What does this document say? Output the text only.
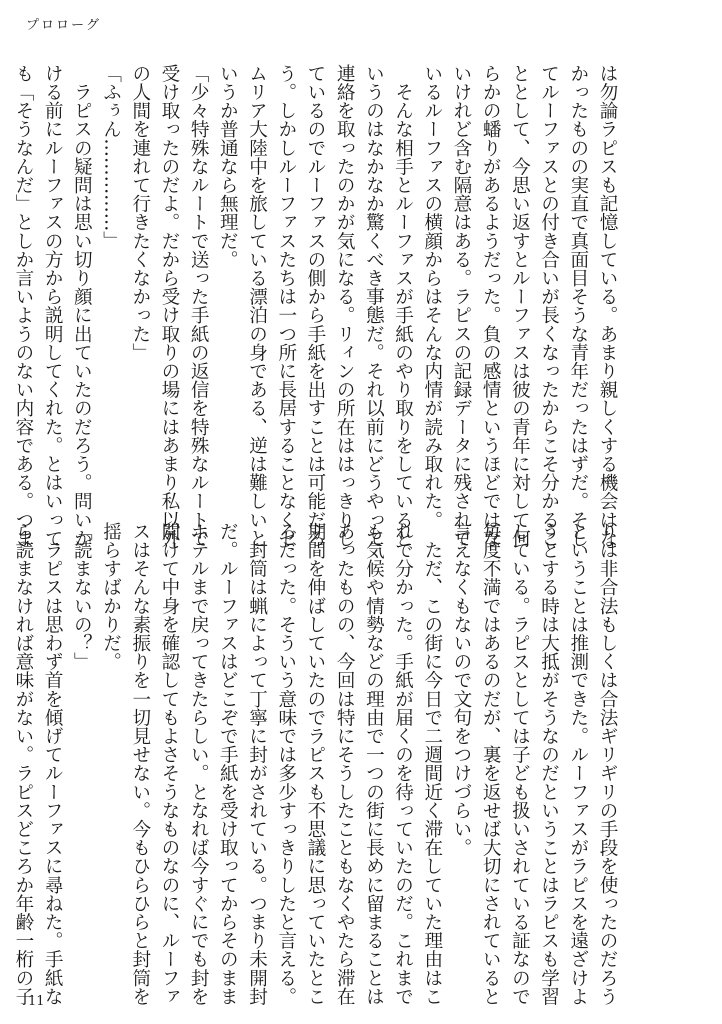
プロローグ
は勿論ラピスも記憶している。あまり親しくする機会はな
かったものの実直で真面目そうな青年だったはずだ。そし
てルーファスとの付き合いが長くなったからこそ分かるこ
ととして、今思い返すとルーファスは彼の青年に対して何
らかの蟠りがあるようだった。負の感情というほどではな
いけれど含む隔意はある。ラピスの記録データに残されて
いるルーファスの横顔からはそんな内情が読み取れた。
　そんな相手とルーファスが手紙のやり取りをしていると
いうのはなかなか驚くべき事態だ。それ以前にどうやって
連絡を取ったのかが気になる。リィンの所在ははっきりし
ているのでルーファスの側から手紙を出すことは可能だろ
う。しかしルーファスたちは一つ所に長居することなくゼ
ムリア大陸中を旅している漂泊の身である、逆は難しいと
いうか普通なら無理だ。
「少々特殊なルートで送った手紙の返信を特殊なルートで
受け取ったのだよ。だから受け取りの場にはあまり私以外
の人間を連れて行きたくなかった」
「ふぅん……………」
　ラピスの疑問は思い切り顔に出ていたのだろう。問いか
ける前にルーファスの方から説明してくれた。とはいって
も「そうなんだ」としか言いようのない内容である。つま
りは非合法もしくは合法ギリギリの手段を使ったのだろう
ということは推測できた。ルーファスがラピスを遠ざけよ
うとする時は大抵がそうなのだということはラピスも学習
している。ラピスとしては子ども扱いされている証なので
毎度不満ではあるのだが、裏を返せば大切にされていると
言えなくもないので文句をつけづらい。
　ただ、この街に今日で二週間近く滞在していた理由はこ
れで分かった。手紙が届くのを待っていたのだ。これまで
も気候や情勢などの理由で一つの街に長めに留まることは
あったものの、今回は特にそうしたこともなくやたら滞在
期間を伸ばしていたのでラピスも不思議に思っていたとこ
ろだった。そういう意味では多少すっきりしたと言える。
　封筒は蝋によって丁寧に封がされている。つまり未開封
だ。ルーファスはどこぞで手紙を受け取ってからそのまま
ホテルまで戻ってきたらしい。となれば今すぐにでも封を
開けて中身を確認してもよさそうなものなのに、ルーファ
スはそんな素振りを一切見せない。今もひらひらと封筒を
揺らすばかりだ。
「読まないの？」
　ラピスは思わず首を傾げてルーファスに尋ねた。手紙な
ら読まなければ意味がない。ラピスどころか年齢一桁の子
11
